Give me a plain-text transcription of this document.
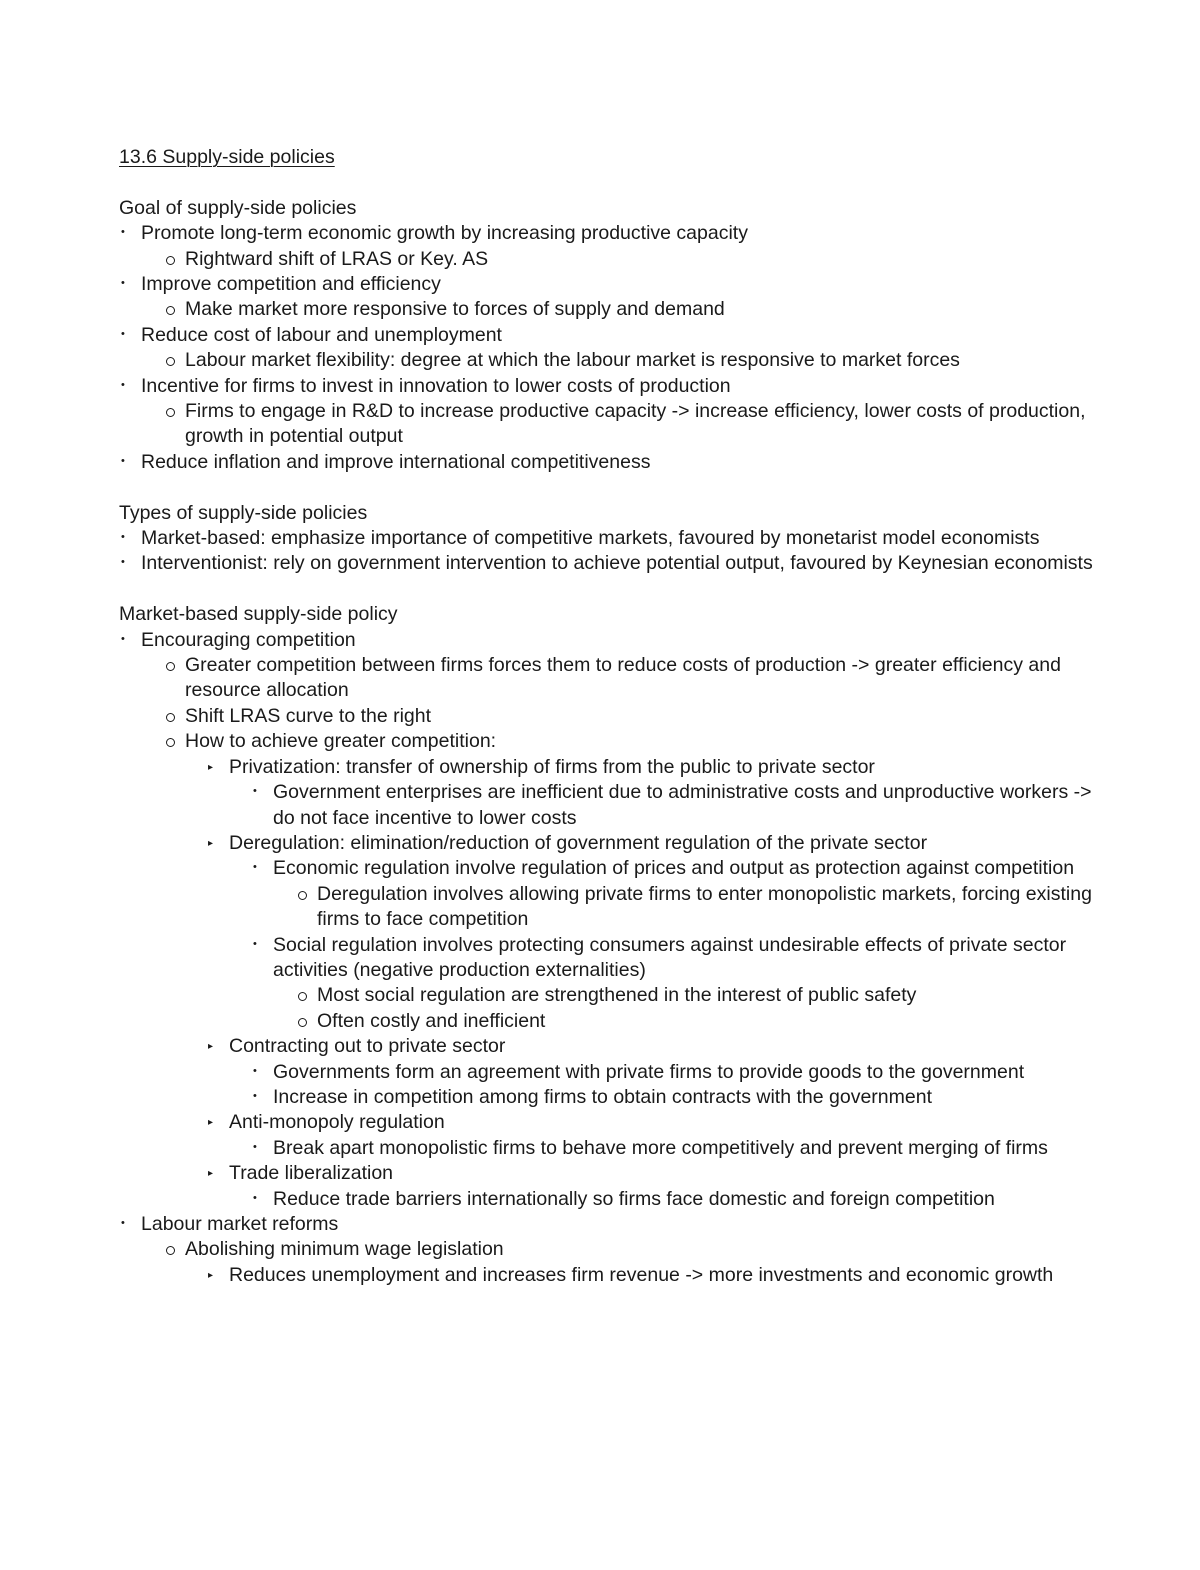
13.6 Supply-side policies
Goal of supply-side policies
• Promote long-term economic growth by increasing productive capacity
Rightward shift of LRAS or Key. AS
• Improve competition and efficiency
Make market more responsive to forces of supply and demand
• Reduce cost of labour and unemployment
Labour market flexibility: degree at which the labour market is responsive to market forces
• Incentive for firms to invest in innovation to lower costs of production
Firms to engage in R&D to increase productive capacity -> increase efficiency, lower costs of production, growth in potential output
• Reduce inflation and improve international competitiveness
Types of supply-side policies
• Market-based: emphasize importance of competitive markets, favoured by monetarist model economists
• Interventionist: rely on government intervention to achieve potential output, favoured by Keynesian economists
Market-based supply-side policy
• Encouraging competition
Greater competition between firms forces them to reduce costs of production -> greater efficiency and resource allocation
Shift LRAS curve to the right
How to achieve greater competition:
▸ Privatization: transfer of ownership of firms from the public to private sector
• Government enterprises are inefficient due to administrative costs and unproductive workers -> do not face incentive to lower costs
▸ Deregulation: elimination/reduction of government regulation of the private sector
• Economic regulation involve regulation of prices and output as protection against competition
Deregulation involves allowing private firms to enter monopolistic markets, forcing existing firms to face competition
• Social regulation involves protecting consumers against undesirable effects of private sector activities (negative production externalities)
Most social regulation are strengthened in the interest of public safety
Often costly and inefficient
▸ Contracting out to private sector
• Governments form an agreement with private firms to provide goods to the government
• Increase in competition among firms to obtain contracts with the government
▸ Anti-monopoly regulation
• Break apart monopolistic firms to behave more competitively and prevent merging of firms
▸ Trade liberalization
• Reduce trade barriers internationally so firms face domestic and foreign competition
• Labour market reforms
Abolishing minimum wage legislation
▸ Reduces unemployment and increases firm revenue -> more investments and economic growth
